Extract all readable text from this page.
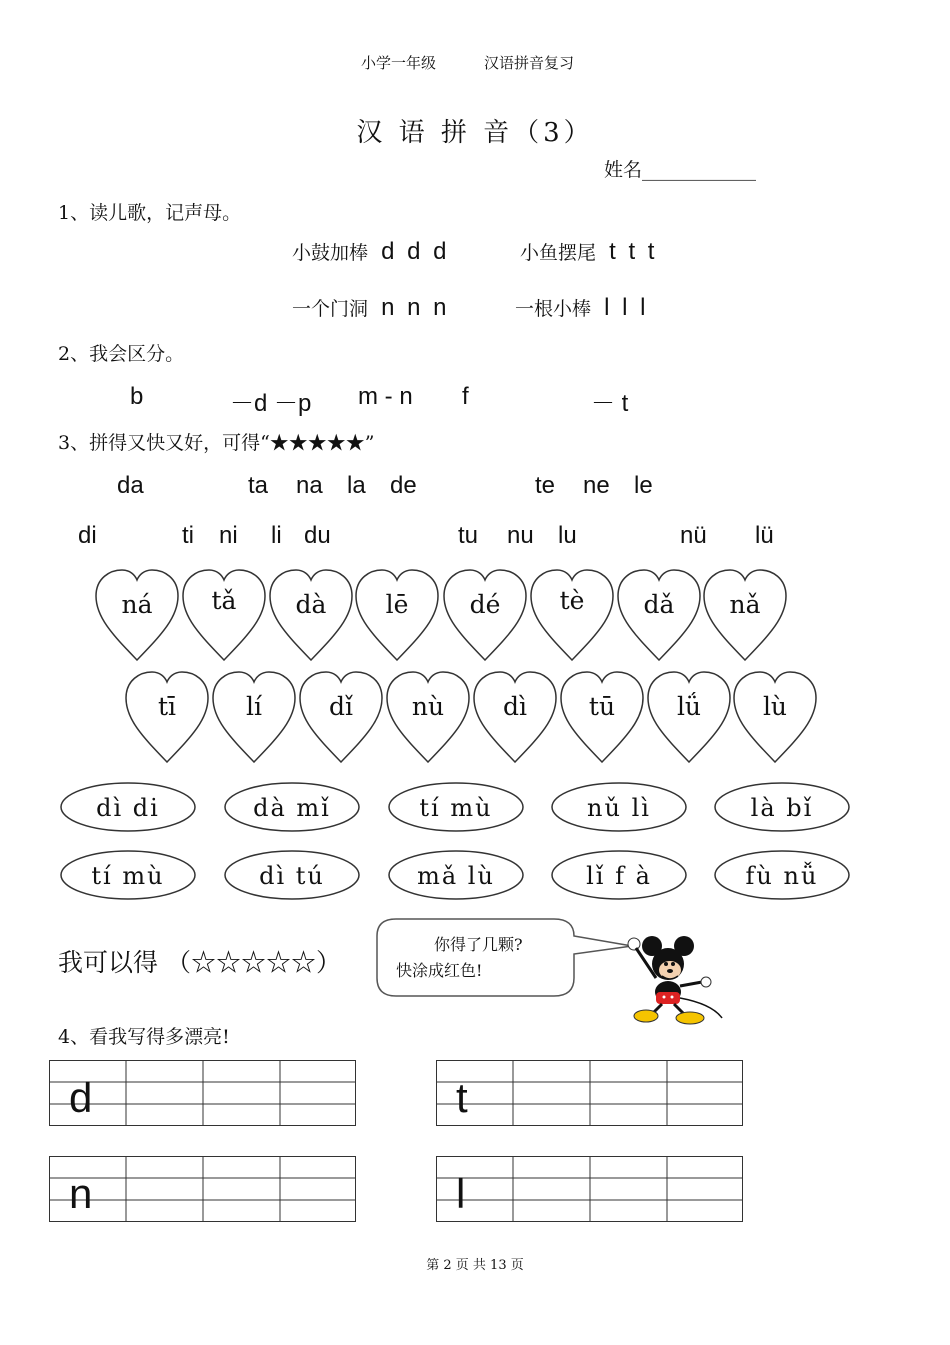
小学一年级	汉语拼音复习
汉 语 拼 音（3）
姓名____________
1、读儿歌，记声母。
小鼓加棒 d d d	小鱼摆尾 t t t
一个门洞 n n n	一根小棒 l l l
2、我会区分。
b	－d －p m - n f	－ t
3、拼得又快又好，可得“★★★★★”
da	ta na la de	te ne le
di	ti ni li du	tu nu lu	nü lü
ná	tǎ	dà	lē	dé	tè	dǎ	nǎ
tī	lí	dǐ	nù	dì	tū	lǘ	lù
dì di	dà mǐ	tí mù	nǔ lì	là bǐ
tí mù	dì tú	mǎ lù	lǐ f à	fù nǚ
我可以得 （☆☆☆☆☆）
你得了几颗?
快涂成红色!
4、看我写得多漂亮!
d	t
n	l
第 2 页 共 13 页
